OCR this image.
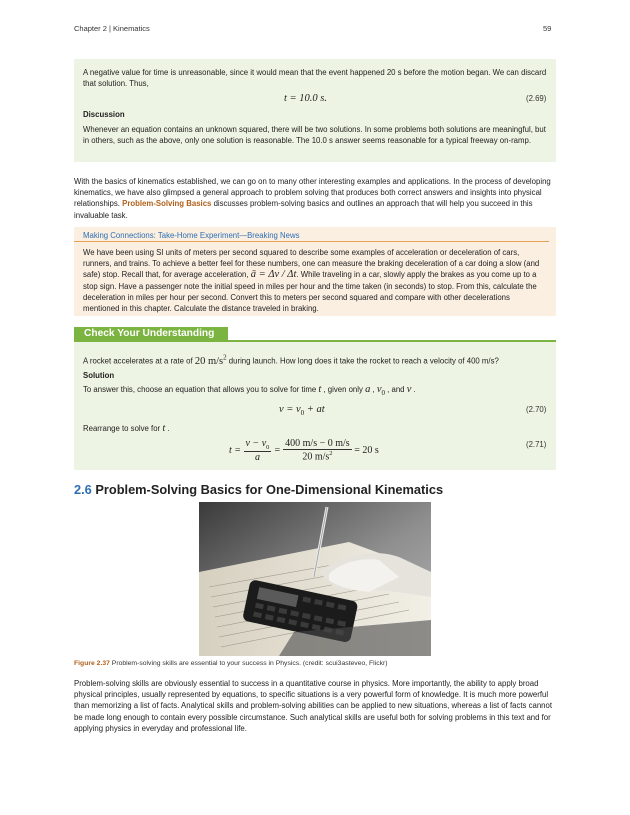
Chapter 2 | Kinematics	59

A negative value for time is unreasonable, since it would mean that the event happened 20 s before the motion began. We can discard that solution. Thus,

t = 10.0 s.	(2.69)

Discussion

Whenever an equation contains an unknown squared, there will be two solutions. In some problems both solutions are meaningful, but in others, such as the above, only one solution is reasonable. The 10.0 s answer seems reasonable for a typical freeway on-ramp.

With the basics of kinematics established, we can go on to many other interesting examples and applications. In the process of developing kinematics, we have also glimpsed a general approach to problem solving that produces both correct answers and insights into physical relationships. Problem-Solving Basics discusses problem-solving basics and outlines an approach that will help you succeed in this invaluable task.

Making Connections: Take-Home Experiment—Breaking News

We have been using SI units of meters per second squared to describe some examples of acceleration or deceleration of cars, runners, and trains. To achieve a better feel for these numbers, one can measure the braking deceleration of a car doing a slow (and safe) stop. Recall that, for average acceleration, ā = Δv / Δt. While traveling in a car, slowly apply the brakes as you come up to a stop sign. Have a passenger note the initial speed in miles per hour and the time taken (in seconds) to stop. From this, calculate the deceleration in miles per hour per second. Convert this to meters per second squared and compare with other decelerations mentioned in this chapter. Calculate the distance traveled in braking.

Check Your Understanding

A rocket accelerates at a rate of 20 $m/s^2$ during launch. How long does it take the rocket to reach a velocity of 400 m/s?

Solution

To answer this, choose an equation that allows you to solve for time t , given only a , $v_0$ , and v .

$v = v_0$ + at	(2.70)

Rearrange to solve for t .

$t = \frac{v - v_0}{a} = \frac{400 m/s - 0 m/s}{20 m/s^2} = 20$ s
(2.71)
2.6 Problem-Solving Basics for One-Dimensional Kinematics

Figure 2.37 Problem-solving skills are essential to your success in Physics. (credit: scui3asteveo, Flickr)

Problem-solving skills are obviously essential to success in a quantitative course in physics. More importantly, the ability to apply broad physical principles, usually represented by equations, to specific situations is a very powerful form of knowledge. It is much more powerful than memorizing a list of facts. Analytical skills and problem-solving abilities can be applied to new situations, whereas a list of facts cannot be made long enough to contain every possible circumstance. Such analytical skills are useful both for solving problems in this text and for applying physics in everyday and professional life.
